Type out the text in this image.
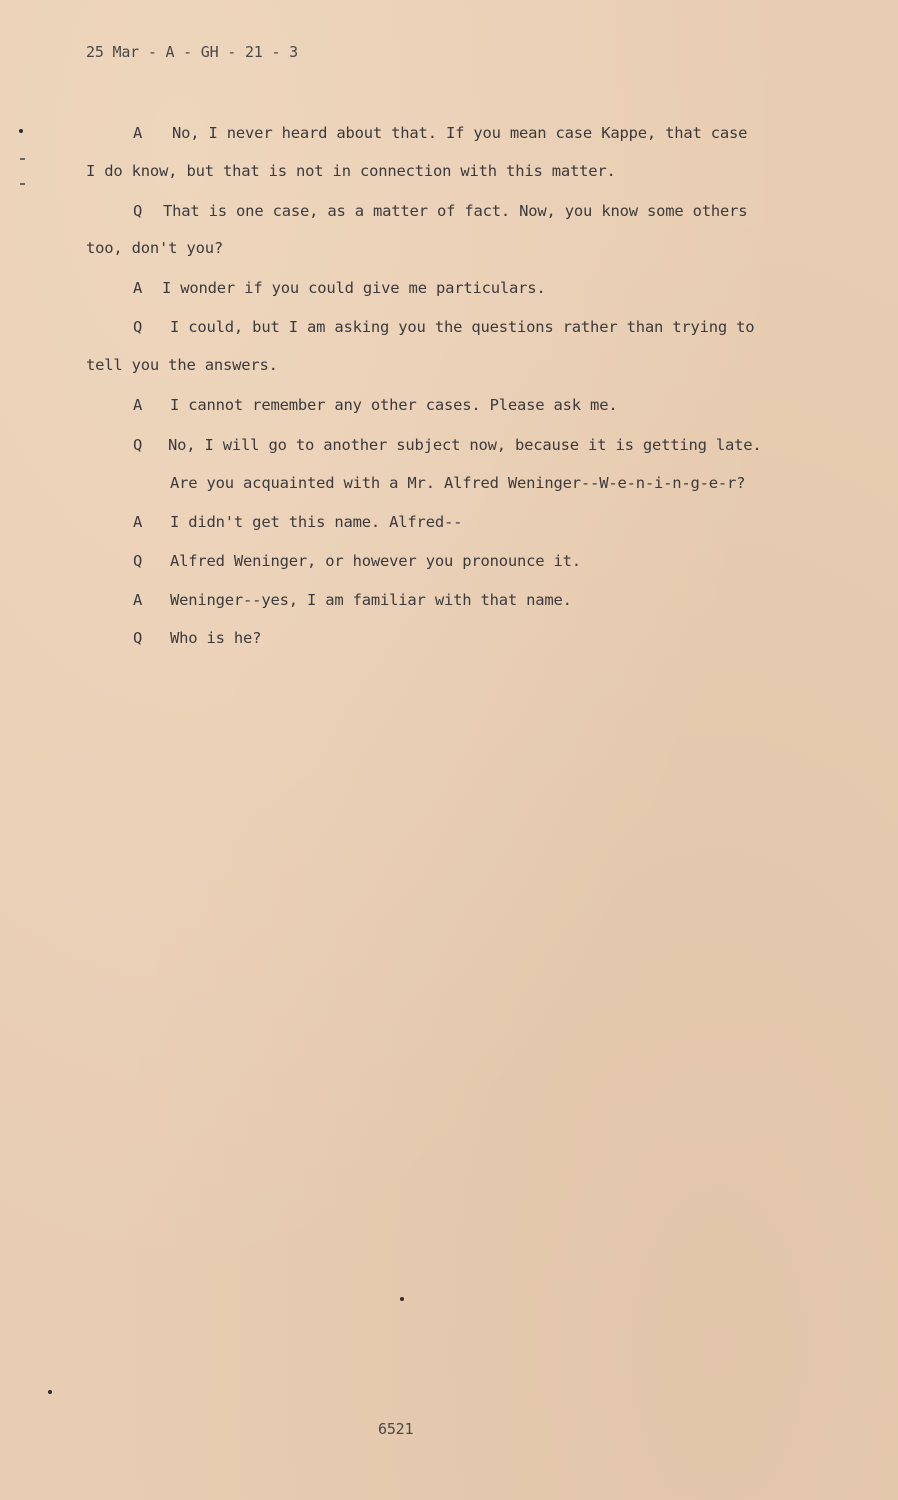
25 Mar - A - GH - 21 - 3
A No, I never heard about that. If you mean case Kappe, that case
I do know, but that is not in connection with this matter.
Q That is one case, as a matter of fact. Now, you know some others
too, don't you?
A I wonder if you could give me particulars.
Q I could, but I am asking you the questions rather than trying to
tell you the answers.
A I cannot remember any other cases. Please ask me.
Q No, I will go to another subject now, because it is getting late.
Are you acquainted with a Mr. Alfred Weninger--W-e-n-i-n-g-e-r?
A I didn't get this name. Alfred--
Q Alfred Weninger, or however you pronounce it.
A Weninger--yes, I am familiar with that name.
Q Who is he?
6521
